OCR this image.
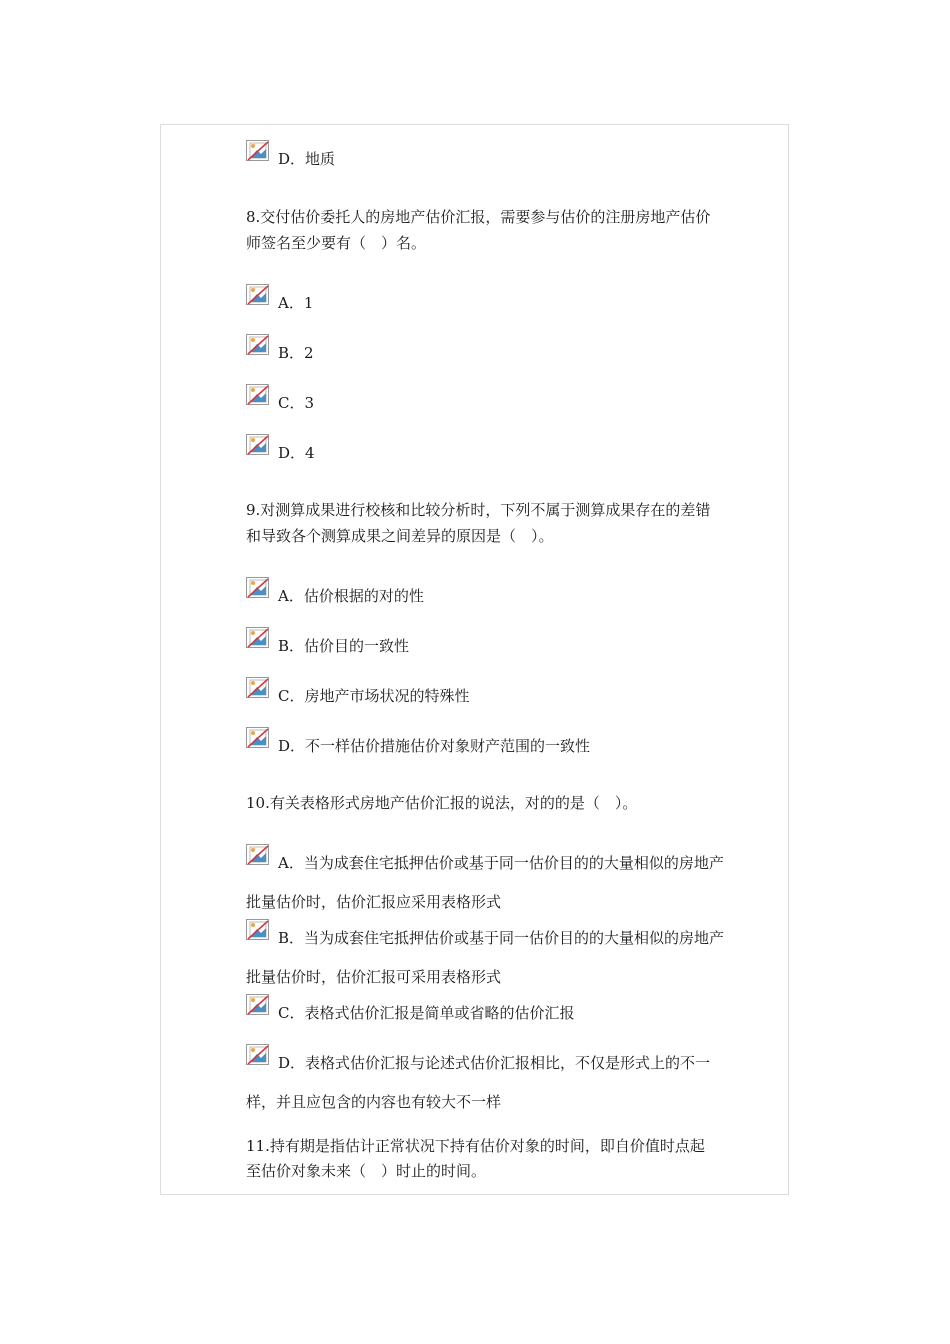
D．地质

8.交付估价委托人的房地产估价汇报，需要参与估价的注册房地产估价

师签名至少要有（　）名。

A．1
B．2
C．3
D．4

9.对测算成果进行校核和比较分析时，下列不属于测算成果存在的差错

和导致各个测算成果之间差异的原因是（　）。

A．估价根据的对的性
B．估价目的一致性
C．房地产市场状况的特殊性
D．不一样估价措施估价对象财产范围的一致性

10.有关表格形式房地产估价汇报的说法，对的的是（　）。

A．当为成套住宅抵押估价或基于同一估价目的的大量相似的房地产

批量估价时，估价汇报应采用表格形式

B．当为成套住宅抵押估价或基于同一估价目的的大量相似的房地产

批量估价时，估价汇报可采用表格形式

C．表格式估价汇报是简单或省略的估价汇报
D．表格式估价汇报与论述式估价汇报相比，不仅是形式上的不一

样，并且应包含的内容也有较大不一样

11.持有期是指估计正常状况下持有估价对象的时间，即自价值时点起

至估价对象未来（　）时止的时间。
